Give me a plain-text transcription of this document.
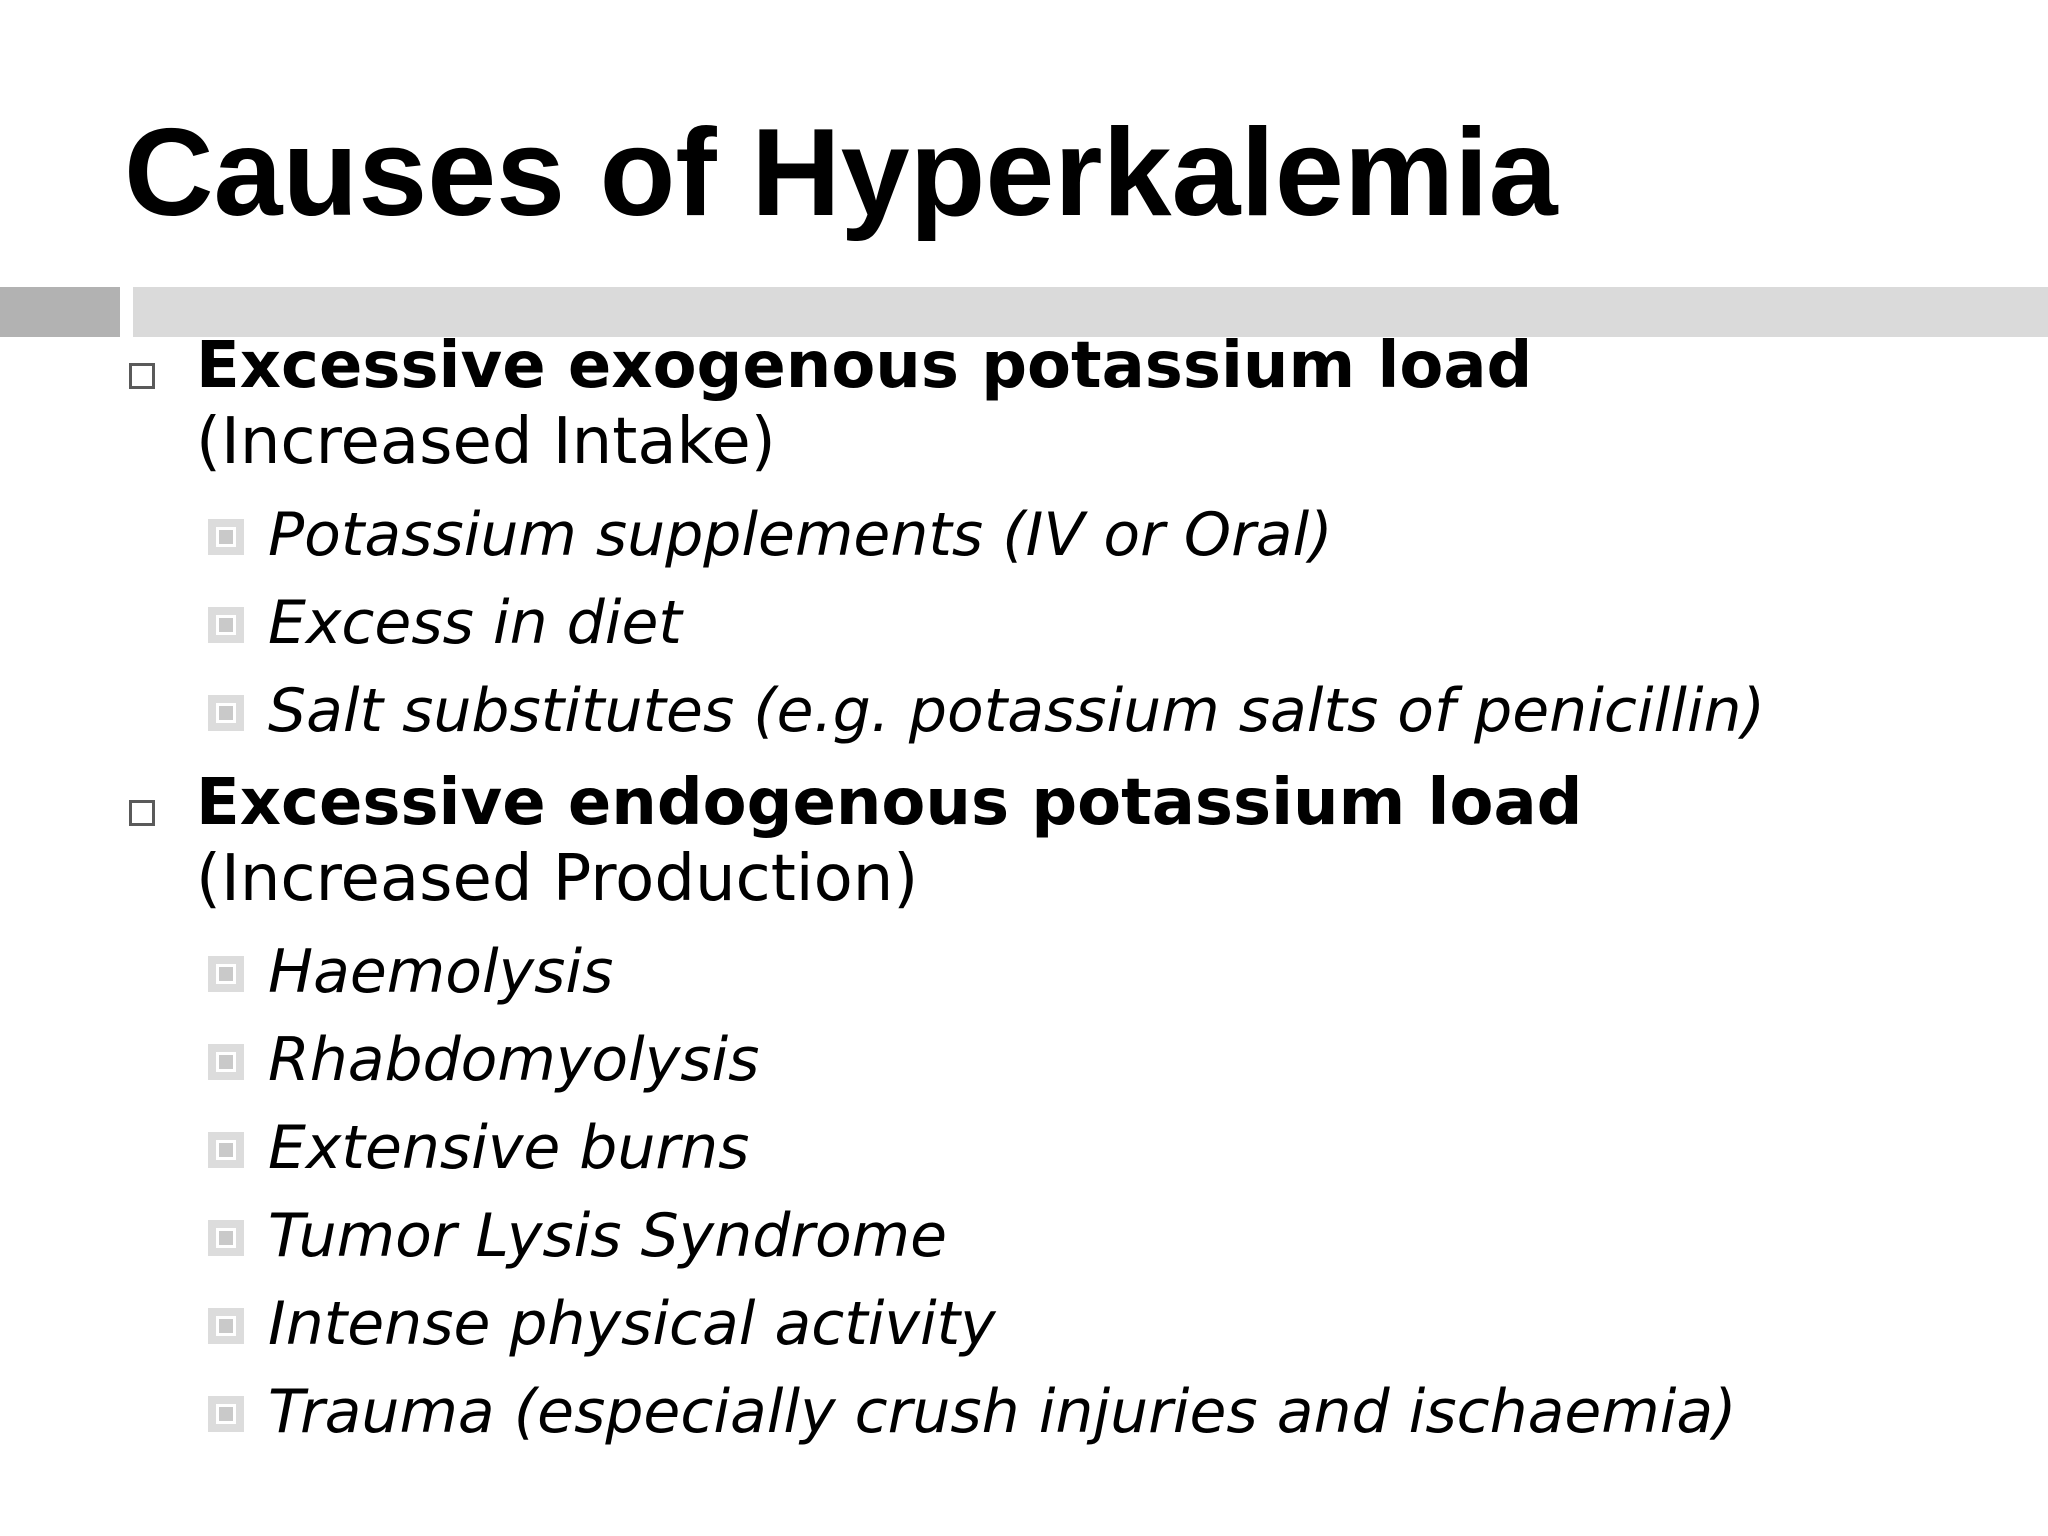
Causes of Hyperkalemia

Excessive exogenous potassium load (Increased Intake)

Potassium supplements (IV or Oral)

Excess in diet

Salt substitutes (e.g. potassium salts of penicillin)

Excessive endogenous potassium load (Increased Production)

Haemolysis

Rhabdomyolysis

Extensive burns

Tumor Lysis Syndrome

Intense physical activity

Trauma (especially crush injuries and ischaemia)
